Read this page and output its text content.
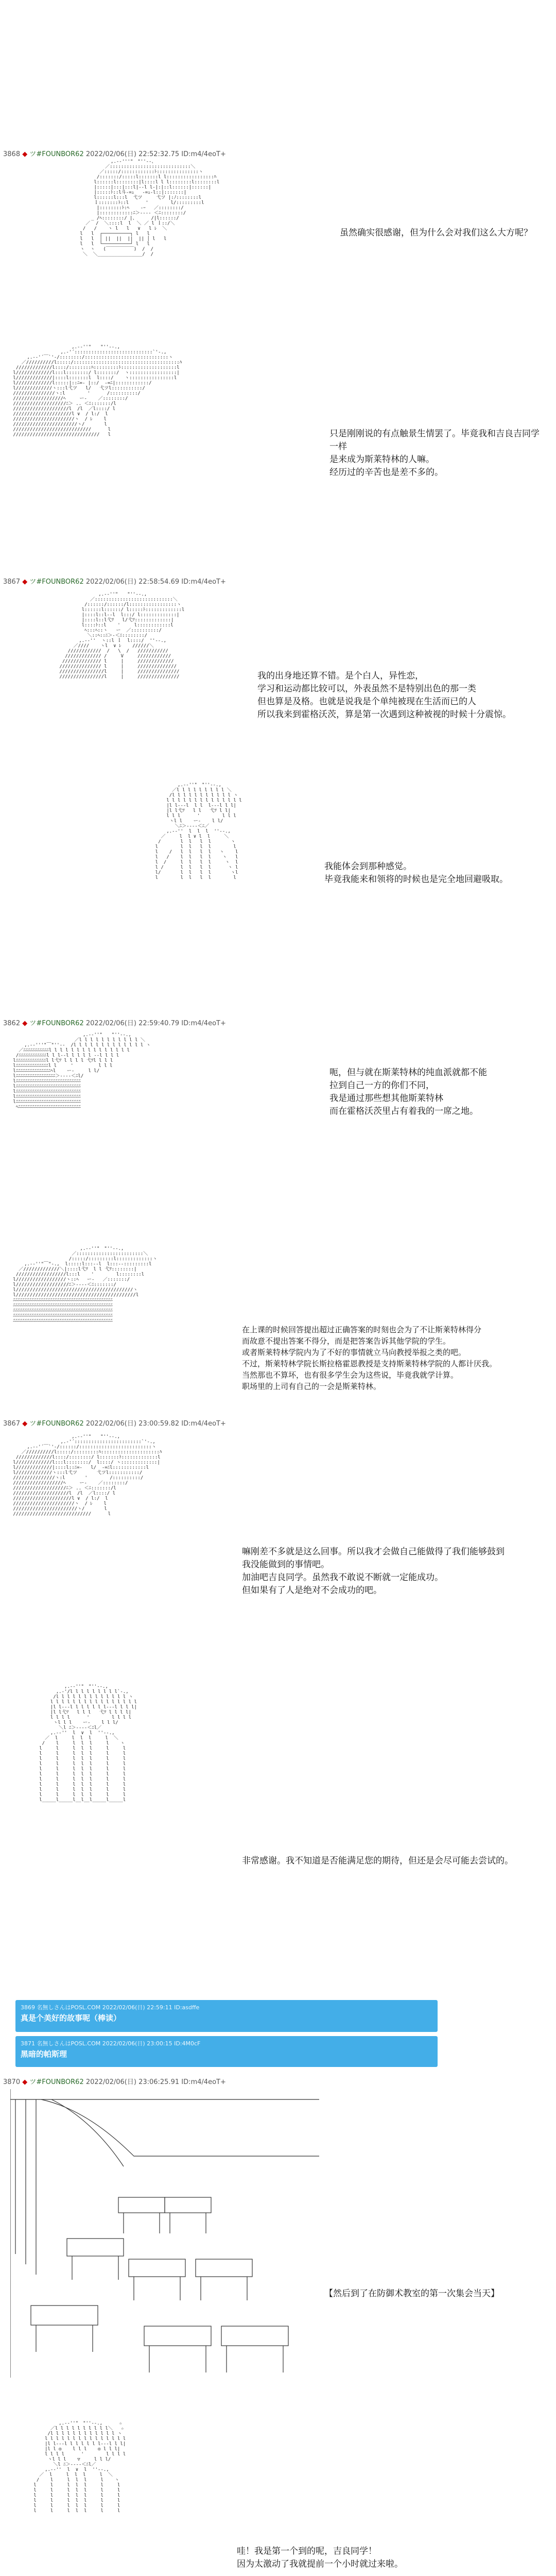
3868 ◆ ツ#FOUNBOR62 2022/02/06(日) 22:52:32.75 ID:m4/4eoT+
,.-‐'''"￣"''‐-、
／:::::::::::::::::::::::::::::＼
／:::::/::::::::::::ﾄ:::::::::::::::ヽ
/:::::::/:::::l:::::::l l:::::::::::::::::ﾊ
l::::::l::::::::|l::::l l l::::::::l::::::::l
|:::::|:::|:::l|‐-l l-|:|::l::::::|::::::|
|:::::ﾄ::l斗-=ｭ   ‐=ｭ-l::|:::::::|
l::::::l:::l  弋ツ     弋ツ |:ﾉ::::::::l
ｌ:::::::ﾄ::l      '        l/:::::::::l
|::::::::ﾄ:ﾍ    ‐ｰ   ／::::::::/
|::::::::::::ﾆ＞‐--‐ ＜ﾆ::::::::/
_ /ﾍ::::::::/ |、     /|l::::::/
／  /  ＼::::l  l  ＼ ／ l ｌ::/＼
/   /    ヽ l   l   ∨   l ﾚ  ＼
l   l  ┌──────────┐ l   l
l   l  │ ||  ||  ||  || │ l   l
l   l  └──────────┘ l   l
ヽ  ヽ   (￣￣￣￣￣￣)  /  /
＼  ＼________________/  /
虽然确实很感谢，但为什么会对我们这么大方呢？
,.-‐''"￣￣"''‐-.,
,.‐'´::::::::::::::::::::::::::::`'‐.,
,.-‐'´￣`'‐/::::::::/::::::::::::::::::::::::::::::ヽ
／//////////l:::::/::::::::::::::::::::::::::::::::::::::ﾊ
/////////////l::::/::::::::ﾊ:::::::::ﾄ::::::::::::::::::::l
l/////////////l:::l::::::::/ l:::::::/  ヽ:::::::::::::::::|
l/////////////|::::l:::::::l  l::::/    ヽ::::::::::::::::l
l/////////////l:::::|::ﾆ=- |::/  -=ﾆ|::::::::::::/
l/////////////ヽ:::l弋ツ   l/   弋ツl:::::::::::/
///////////////ヽ:l        '      /::::::::::/
//////////////////ﾍ     ー‐    ／::::::::/
///////////////////ﾆ＞ .. ＜ﾆ:::::::/l
////////////////////l  /l  ／l::::/ l
/////////////////////l ∨  / l:/  l
//////////////////////ヽ  / ﾚ    l
///////////////////////ヽ/       l
////////////////////////////      l
///////////////////////////////   l	只是刚刚说的有点触景生情罢了。毕竟我和吉良吉同学一样
是来成为斯莱特林的人嘛。
经历过的辛苦也是差不多的。
3867 ◆ ツ#FOUNBOR62 2022/02/06(日) 22:58:54.69 ID:m4/4eoT+
,.-‐''"￣￣"''‐-.,
／::::::::::::::::::::::::::::＼
/::::::/::::::/l:::::::::::::::::ヽ
l::::::l::::::/ l:::::ﾄ:::::::::::::l
|::::l::l‐-l  l:::/ l:::::::::::::|
|::::l::l弋ﾂ   l/弋ﾂ:::::::::::::|
l::::ﾄ::l    '     l::::::::::::l
ﾍ:::ﾍ::ヽ   ー  ／::::::::::/
＼::ﾍ::ﾆ＞‐＜ﾆ::::::::/
,.-‐''  ヽ::l ｌ  l::::/  ''‐-.,
／////    ヽl  ∨ ﾚ    //////＼
////////////  /   \  /   ///////////
///////////// /     V     ////////////
////////////// l     |     /////////////
/////////////// l     |     //////////////
////////////////l     |     ///////////////
////////////////l     |     ///////////////	我的出身地还算不错。是个白人，异性恋，
学习和运动都比较可以，外表虽然不是特别出色的那一类
但也算是及格。也就是说我是个单纯被现在生活而已的人
所以我来到霍格沃茨，算是第一次遇到这种被视的时候十分震惊。
,.-‐''"￣"''‐-.,
／l l l l l l l l l ＼
/l l l l l l l l l l l ヽ
l l l l l l l l l l l l l l
|l l‐--l  l l  l--‐l l l|
|l l弋ﾂ   l l   弋ﾂ l l|
l l l      '        l l l
ヽl l    ー‐    l l/
＼ﾆ＞‐--‐＜ﾆ／
,.-‐''  l  l  l  ''‐-.,
／     l  l ∨ l  l     ＼
/       l  l   l  l       ヽ
l        l  l   l  l        l
l    /   l  l   l  l   ヽ    l
l   /    l  l   l  l    ヽ   l
l  /     l  l   l  l     ヽ  l
l /      l  l   l  l      ヽ l
l/       l  l   l  l       ヽl
l        l  l   l  l        l
我能体会到那种感觉。
毕竟我能来和领将的时候也是完全地回避吸取。
3862 ◆ ツ#FOUNBOR62 2022/02/06(日) 22:59:40.79 ID:m4/4eoT+
,.-‐''"￣￣"''‐-.,
／l l l l l l l l l l l ＼
,.-‐'''"￣"''‐-  /l l l l l l l l l l l l l ヽ
／ﾆﾆﾆﾆﾆﾆﾆﾆﾆﾆﾆl l l l l l l l l l l l l l l
/ﾆﾆﾆﾆﾆﾆﾆﾆﾆﾆﾆﾆl l l‐-l l l l l -‐l l l l
lﾆﾆﾆﾆﾆﾆﾆﾆﾆﾆﾆﾆﾆl l弋ﾂ l l l l 弋ﾂl l l l
lﾆﾆﾆﾆﾆﾆﾆﾆﾆﾆﾆﾆﾆﾆl l     '         l l l
lﾆﾆﾆﾆﾆﾆﾆﾆﾆﾆﾆﾆﾆﾆﾆﾍl    ー‐     l l/
lﾆﾆﾆﾆﾆﾆﾆﾆﾆﾆﾆﾆﾆﾆﾆﾆﾆ＞‐--‐＜ﾆl/
lﾆﾆﾆﾆﾆﾆﾆﾆﾆﾆﾆﾆﾆﾆﾆﾆﾆﾆﾆﾆﾆﾆﾆﾆﾆﾆﾆﾆ
lﾆﾆﾆﾆﾆﾆﾆﾆﾆﾆﾆﾆﾆﾆﾆﾆﾆﾆﾆﾆﾆﾆﾆﾆﾆﾆﾆﾆ
lﾆﾆﾆﾆﾆﾆﾆﾆﾆﾆﾆﾆﾆﾆﾆﾆﾆﾆﾆﾆﾆﾆﾆﾆﾆﾆﾆﾆ
lﾆﾆﾆﾆﾆﾆﾆﾆﾆﾆﾆﾆﾆﾆﾆﾆﾆﾆﾆﾆﾆﾆﾆﾆﾆﾆﾆﾆ
lﾆﾆﾆﾆﾆﾆﾆﾆﾆﾆﾆﾆﾆﾆﾆﾆﾆﾆﾆﾆﾆﾆﾆﾆﾆﾆﾆﾆ
ﾍﾆﾆﾆﾆﾆﾆﾆﾆﾆﾆﾆﾆﾆﾆﾆﾆﾆﾆﾆﾆﾆﾆﾆﾆﾆﾆﾆ
呃，但与就在斯莱特林的纯血派就都不能
拉到自己一方的你们不同，
我是通过那些想其他斯莱特林
而在霍格沃茨里占有着我的一席之地。
,.-‐''"￣"''‐-.,
／::::::::::::::::::::::::＼
/:::::/:::::::::l:::::::::::::ヽ
,.-‐''"￣"‐.,  l:::::l:::‐-l  l:::-‐:::::::::l
／/////////////＼|::::l弋ﾂ  l l 弋ﾂ::::::::|
//////////////////l:::l    '        l::::::::l
l//////////////////ヽ::ﾍ   ー‐   ／:::::::/
l///////////////////ﾆ＞‐--‐＜ﾆ:::::::/
l//////////////////////////////////////////ヽ
l///////////////////////////////////////////l
ﾆﾆﾆﾆﾆﾆﾆﾆﾆﾆﾆﾆﾆﾆﾆﾆﾆﾆﾆﾆﾆﾆﾆﾆﾆﾆﾆﾆﾆﾆﾆﾆﾆﾆﾆﾆﾆﾆﾆﾆﾆﾆﾆ
ﾆﾆﾆﾆﾆﾆﾆﾆﾆﾆﾆﾆﾆﾆﾆﾆﾆﾆﾆﾆﾆﾆﾆﾆﾆﾆﾆﾆﾆﾆﾆﾆﾆﾆﾆﾆﾆﾆﾆﾆﾆﾆﾆ
ﾆﾆﾆﾆﾆﾆﾆﾆﾆﾆﾆﾆﾆﾆﾆﾆﾆﾆﾆﾆﾆﾆﾆﾆﾆﾆﾆﾆﾆﾆﾆﾆﾆﾆﾆﾆﾆﾆﾆﾆﾆﾆﾆ
ﾆﾆﾆﾆﾆﾆﾆﾆﾆﾆﾆﾆﾆﾆﾆﾆﾆﾆﾆﾆﾆﾆﾆﾆﾆﾆﾆﾆﾆﾆﾆﾆﾆﾆﾆﾆﾆﾆﾆﾆﾆﾆﾆ
ﾆﾆﾆﾆﾆﾆﾆﾆﾆﾆﾆﾆﾆﾆﾆﾆﾆﾆﾆﾆﾆﾆﾆﾆﾆﾆﾆﾆﾆﾆﾆﾆﾆﾆﾆﾆﾆﾆﾆﾆﾆﾆﾆ
在上课的时候回答提出超过正确答案的时刻也会为了不让斯莱特林得分
而故意不提出答案不得分，而是把答案告诉其他学院的学生。
或者斯莱特林学院内为了不好的事情就立马向教授举报之类的吧。
不过，斯莱特林学院长斯拉格霍恩教授是支持斯莱特林学院的人都计厌我。
当然那也不算坏，也有很多学生会为这些说，毕竟我就学计算。
职场里的上司有自己的一会是斯莱特林。
3867 ◆ ツ#FOUNBOR62 2022/02/06(日) 23:00:59.82 ID:m4/4eoT+
,.-‐''"￣￣"''‐-.,
,.‐'´::::::::::::::::::::::::`'‐.,
,.-‐'´￣`'‐/::::::/::::::::::::::::::::::::::ヽ
／//////////l:::::/:::::::::ﾊ:::::::::::::::::::::ﾊ
/////////////l::::/::::::::/ l:::::::ﾄ:::::::::::::l
l/////////////l:::l::::::::/  l::::/ ヽ:::::::::::::|
l/////////////|::::l::ﾆ=-   l/  -=ﾆl::::::::::::l
l/////////////ヽ:::l弋ツ       弋ツl:::::::::::/
///////////////ヽ:l       '        /::::::::::/
//////////////////ﾍ     ー‐    ／::::::::/
///////////////////ﾆ＞ .. ＜ﾆ:::::::/l
////////////////////l  /l  ／l::::/ l
/////////////////////l ∨  / l:/  l
//////////////////////ヽ  / ﾚ    l
///////////////////////ヽ/       l
////////////////////////////      l
嘛刚差不多就是这么回事。所以我才会做自己能做得了我们能够鼓到
我没能做到的事情吧。
加油吧吉良同学。虽然我不敢说不断就一定能成功。
但如果有了人是绝对不会成功的吧。
,.-‐''"￣"''‐-.,
,.‐'/l l l l l l l l l`‐.,
/l l l l l l l l l l l l l ヽ
l l l l l l l l l l l l l l l l
|l l‐--l l l l l l l--‐l l l l|
|l l弋ﾂ   l l l   弋ﾂ l l l l|
l l l l      '        l l l l
ヽl l l    ー‐    l l l/
＼l ﾆ＞‐--‐＜ﾆl／
,.-‐''  l  ∨  l  ''‐-.,
／  l     l  l  l     l  ＼
/    l     l  l  l     l    ヽ
l     l     l  l  l     l     l
l     l     l  l  l     l     l
l     l     l  l  l     l     l
l     l     l  l  l     l     l
l     l     l  l  l     l     l
l     l     l  l  l     l     l
l     l     l  l  l     l     l
l     l     l  l  l     l     l
l     l     l  l  l     l     l
l     l     l  l  l     l     l
l_____l_____l__l__l_____l_____l
非常感谢。我不知道是否能满足您的期待，但还是会尽可能去尝试的。
3869 名無しさんはPOSL.COM 2022/02/06(日) 22:59:11 ID:asdffe
真是个美好的故事呢（棒读）
3871 名無しさんはPOSL.COM 2022/02/06(日) 23:00:15 ID:4M0cF
黑暗的帕斯理
3870 ◆ ツ#FOUNBOR62 2022/02/06(日) 23:06:25.91 ID:m4/4eoT+
【然后到了在防御术教室的第一次集会当天】
,.-‐''"￣"''‐-.,      ☆
／l l l l l l l l l l＼   ☆
/l l l l l l l l l l l l ヽ
l l l l l l l l l l l l l l l
|l l‐--l l l l l l l--‐l l l|
|l l ◎    l l l    ◎ l l l|
l l l l      '        l l l l
ヽl l l    ▽     l l l/
＼l ﾆ＞‐--‐＜ﾆl／
,.-‐''  l  ∨  l  ''‐-.,
／  l     l  l  l     l  ＼
/    l     l  l  l     l    ヽ
l     l     l  l  l     l     l
l     l     l  l  l     l     l
l     l     l  l  l     l     l
l     l     l  l  l     l     l
l     l     l  l  l     l     l
l     l     l  l  l     l     l
哇！我是第一个到的呢，吉良同学！
因为太激动了我就提前一个小时就过来啦。
